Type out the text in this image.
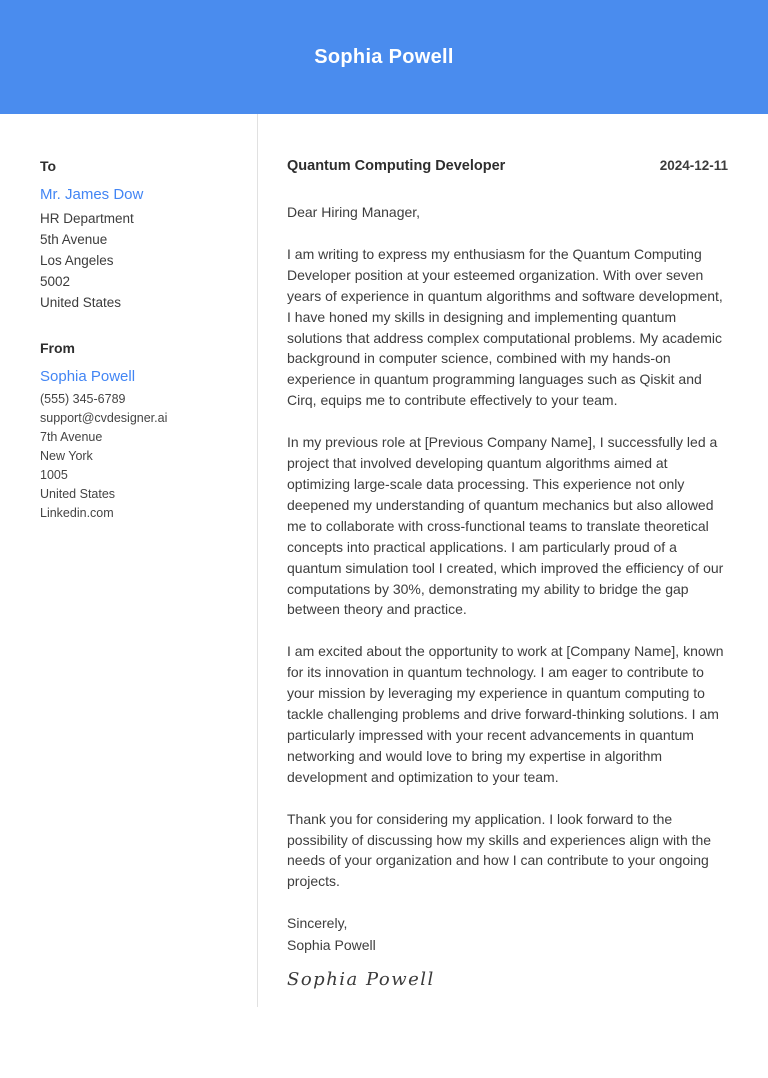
Sophia Powell
To
Mr. James Dow
HR Department
5th Avenue
Los Angeles
5002
United States
From
Sophia Powell
(555) 345-6789
support@cvdesigner.ai
7th Avenue
New York
1005
United States
Linkedin.com
Quantum Computing Developer	2024-12-11

Dear Hiring Manager,

I am writing to express my enthusiasm for the Quantum Computing Developer position at your esteemed organization. With over seven years of experience in quantum algorithms and software development, I have honed my skills in designing and implementing quantum solutions that address complex computational problems. My academic background in computer science, combined with my hands-on experience in quantum programming languages such as Qiskit and Cirq, equips me to contribute effectively to your team.

In my previous role at [Previous Company Name], I successfully led a project that involved developing quantum algorithms aimed at optimizing large-scale data processing. This experience not only deepened my understanding of quantum mechanics but also allowed me to collaborate with cross-functional teams to translate theoretical concepts into practical applications. I am particularly proud of a quantum simulation tool I created, which improved the efficiency of our computations by 30%, demonstrating my ability to bridge the gap between theory and practice.

I am excited about the opportunity to work at [Company Name], known for its innovation in quantum technology. I am eager to contribute to your mission by leveraging my experience in quantum computing to tackle challenging problems and drive forward-thinking solutions. I am particularly impressed with your recent advancements in quantum networking and would love to bring my expertise in algorithm development and optimization to your team.

Thank you for considering my application. I look forward to the possibility of discussing how my skills and experiences align with the needs of your organization and how I can contribute to your ongoing projects.

Sincerely,
Sophia Powell
Sophia Powell
